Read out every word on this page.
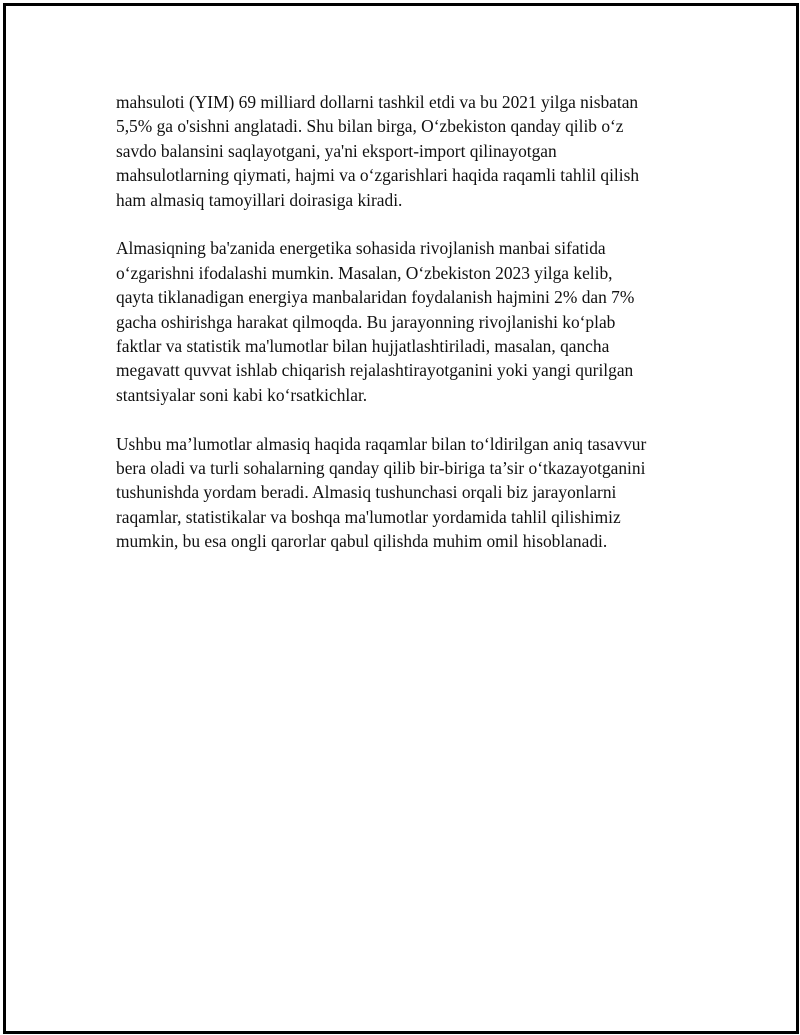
mahsuloti (YIM) 69 milliard dollarni tashkil etdi va bu 2021 yilga nisbatan
5,5% ga o'sishni anglatadi. Shu bilan birga, O‘zbekiston qanday qilib o‘z
savdo balansini saqlayotgani, ya'ni eksport-import qilinayotgan
mahsulotlarning qiymati, hajmi va o‘zgarishlari haqida raqamli tahlil qilish
ham almasiq tamoyillari doirasiga kiradi.
Almasiqning ba'zanida energetika sohasida rivojlanish manbai sifatida
o‘zgarishni ifodalashi mumkin. Masalan, O‘zbekiston 2023 yilga kelib,
qayta tiklanadigan energiya manbalaridan foydalanish hajmini 2% dan 7%
gacha oshirishga harakat qilmoqda. Bu jarayonning rivojlanishi ko‘plab
faktlar va statistik ma'lumotlar bilan hujjatlashtiriladi, masalan, qancha
megavatt quvvat ishlab chiqarish rejalashtirayotganini yoki yangi qurilgan
stantsiyalar soni kabi ko‘rsatkichlar.
Ushbu ma’lumotlar almasiq haqida raqamlar bilan to‘ldirilgan aniq tasavvur
bera oladi va turli sohalarning qanday qilib bir-biriga ta’sir o‘tkazayotganini
tushunishda yordam beradi. Almasiq tushunchasi orqali biz jarayonlarni
raqamlar, statistikalar va boshqa ma'lumotlar yordamida tahlil qilishimiz
mumkin, bu esa ongli qarorlar qabul qilishda muhim omil hisoblanadi.
